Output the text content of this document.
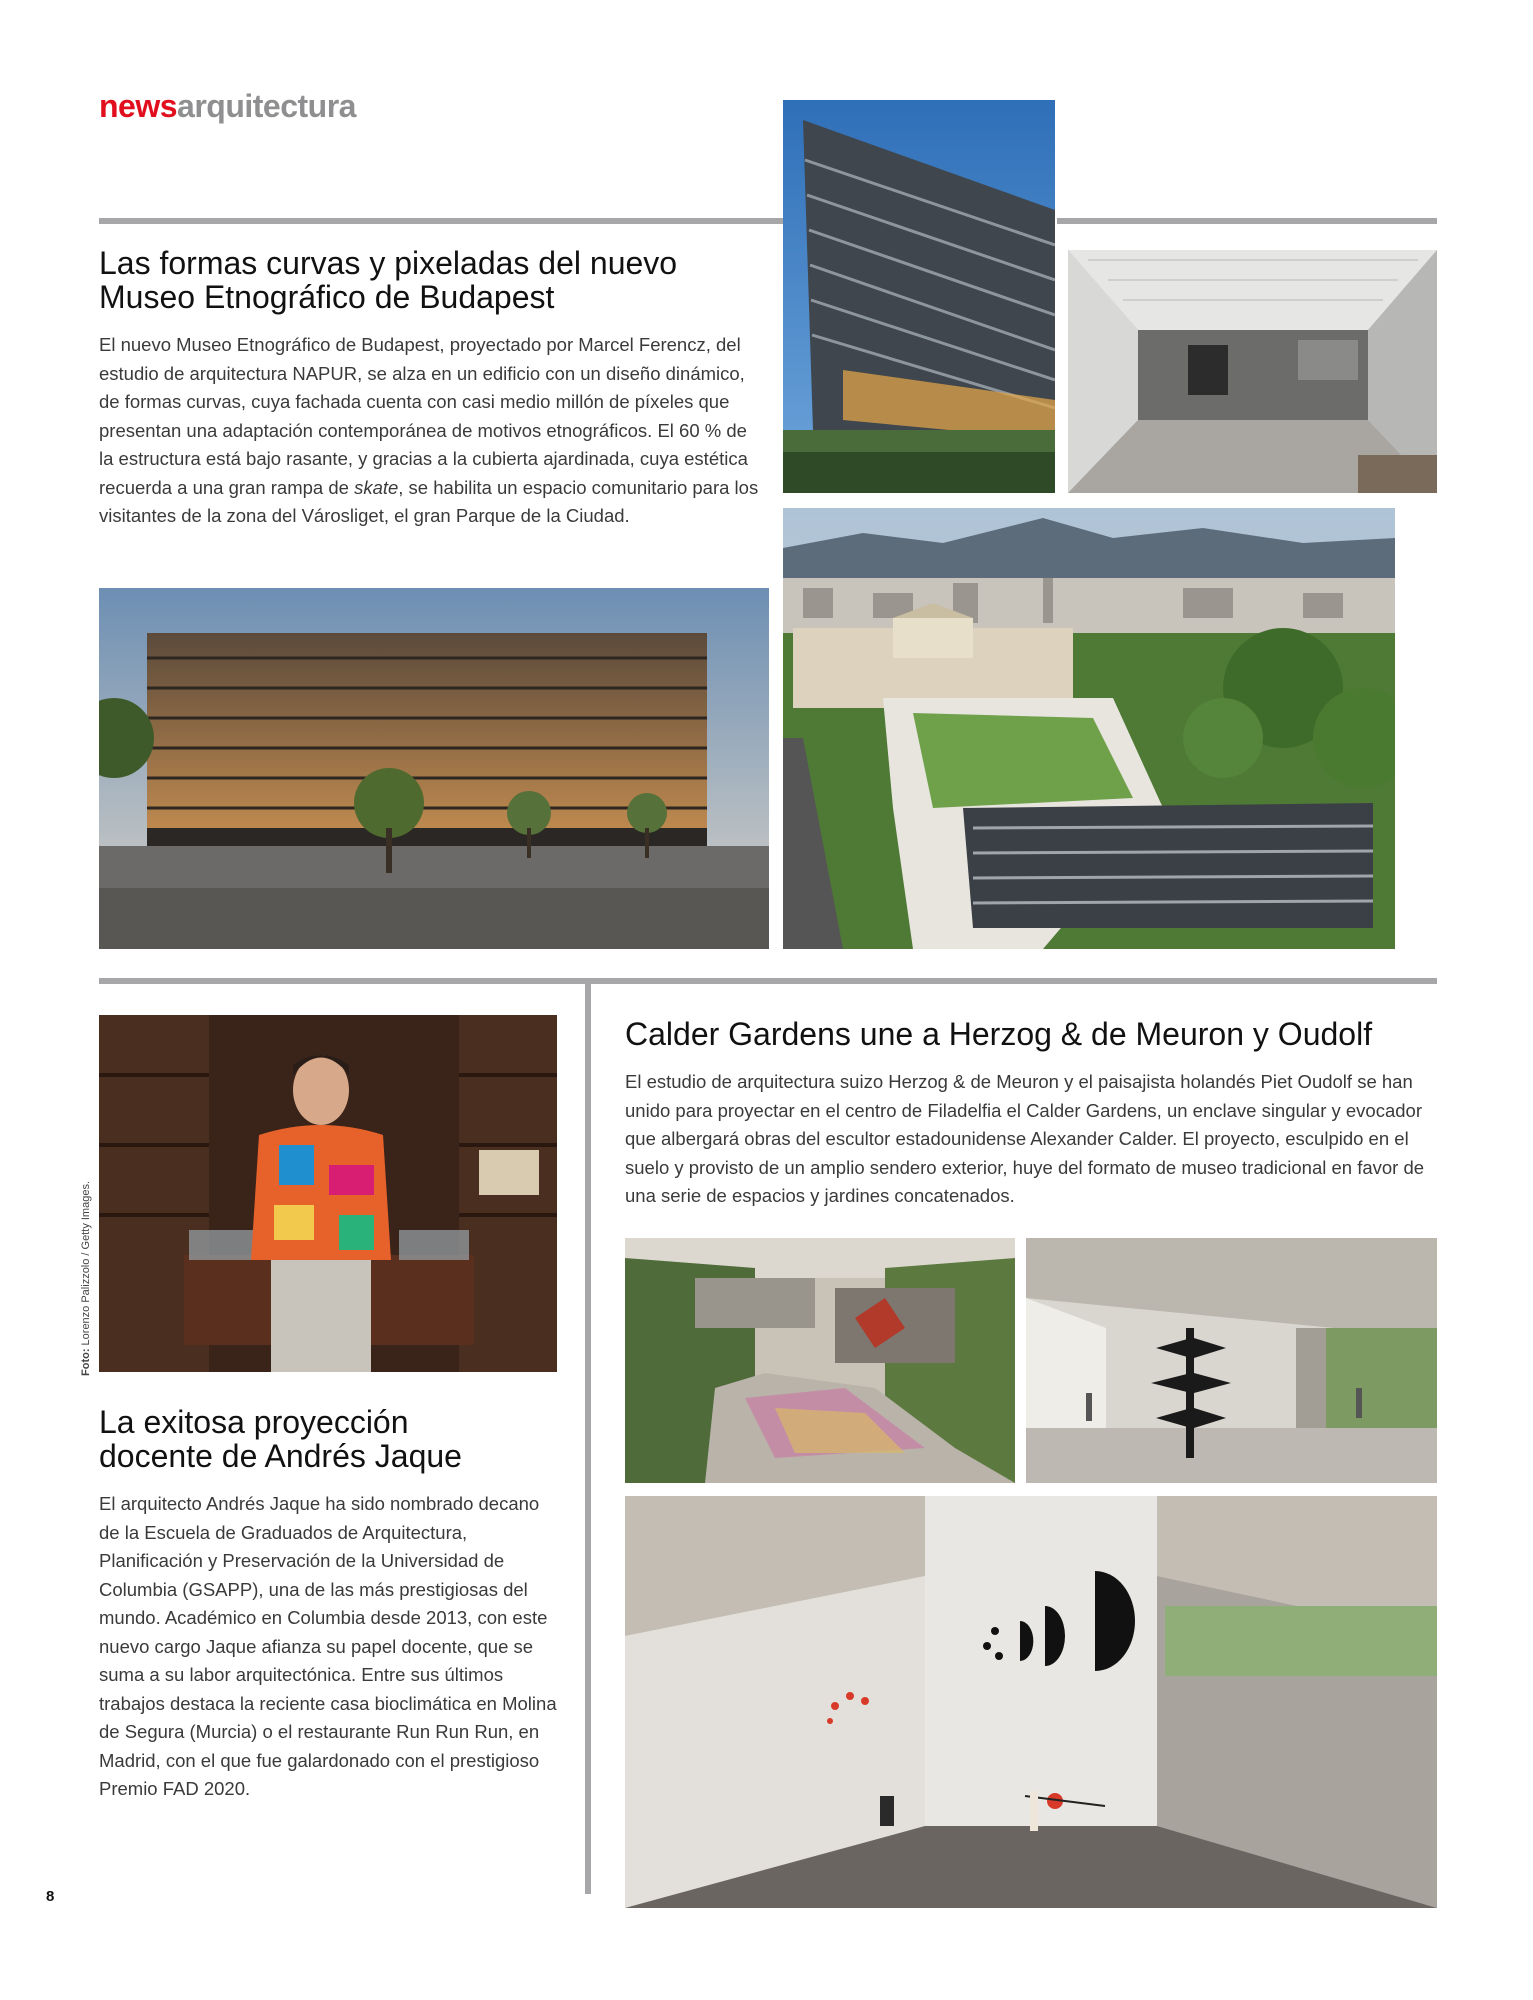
newsarquitectura
Las formas curvas y pixeladas del nuevo
Museo Etnográfico de Budapest

El nuevo Museo Etnográfico de Budapest, proyectado por Marcel Ferencz, del estudio de arquitectura NAPUR, se alza en un edificio con un diseño dinámico, de formas curvas, cuya fachada cuenta con casi medio millón de píxeles que presentan una adaptación contemporánea de motivos etnográficos. El 60 % de la estructura está bajo rasante, y gracias a la cubierta ajardinada, cuya estética recuerda a una gran rampa de skate, se habilita un espacio comunitario para los visitantes de la zona del Városliget, el gran Parque de la Ciudad.

Foto: Lorenzo Palizzolo / Getty Images.
La exitosa proyección
docente de Andrés Jaque

El arquitecto Andrés Jaque ha sido nombrado decano de la Escuela de Graduados de Arquitectura, Planificación y Preservación de la Universidad de Columbia (GSAPP), una de las más prestigiosas del mundo. Académico en Columbia desde 2013, con este nuevo cargo Jaque afianza su papel docente, que se suma a su labor arquitectónica. Entre sus últimos trabajos destaca la reciente casa bioclimática en Molina de Segura (Murcia) o el restaurante Run Run Run, en Madrid, con el que fue galardonado con el prestigioso Premio FAD 2020.

Calder Gardens une a Herzog & de Meuron y Oudolf

El estudio de arquitectura suizo Herzog & de Meuron y el paisajista holandés Piet Oudolf se han unido para proyectar en el centro de Filadelfia el Calder Gardens, un enclave singular y evocador que albergará obras del escultor estadounidense Alexander Calder. El proyecto, esculpido en el suelo y provisto de un amplio sendero exterior, huye del formato de museo tradicional en favor de una serie de espacios y jardines concatenados.

8
